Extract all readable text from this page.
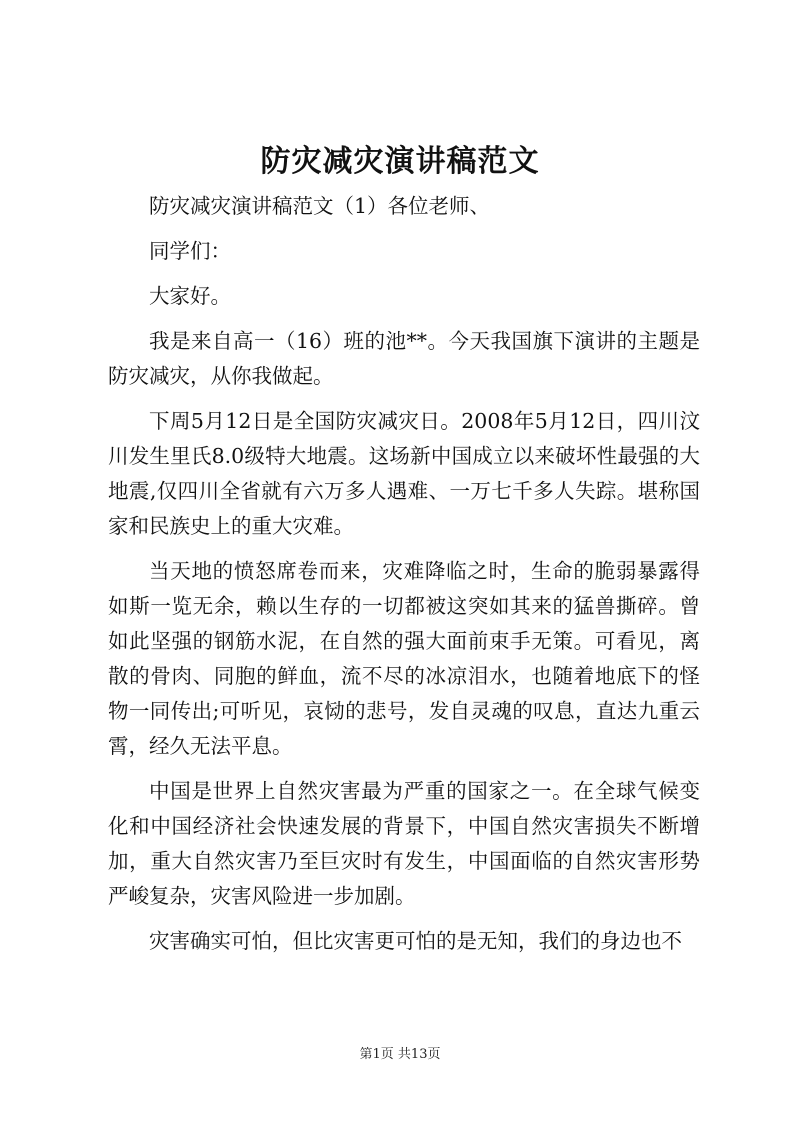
防灾减灾演讲稿范文

防灾减灾演讲稿范文（1）各位老师、

同学们：

大家好。

我是来自高一（16）班的池**。今天我国旗下演讲的主题是防灾减灾，从你我做起。

下周5月12日是全国防灾减灾日。2008年5月12日，四川汶川发生里氏8.0级特大地震。这场新中国成立以来破坏性最强的大地震,仅四川全省就有六万多人遇难、一万七千多人失踪。堪称国家和民族史上的重大灾难。

当天地的愤怒席卷而来，灾难降临之时，生命的脆弱暴露得如斯一览无余，赖以生存的一切都被这突如其来的猛兽撕碎。曾如此坚强的钢筋水泥，在自然的强大面前束手无策。可看见，离散的骨肉、同胞的鲜血，流不尽的冰凉泪水，也随着地底下的怪物一同传出;可听见，哀恸的悲号，发自灵魂的叹息，直达九重云霄，经久无法平息。

中国是世界上自然灾害最为严重的国家之一。在全球气候变化和中国经济社会快速发展的背景下，中国自然灾害损失不断增加，重大自然灾害乃至巨灾时有发生，中国面临的自然灾害形势严峻复杂，灾害风险进一步加剧。

灾害确实可怕，但比灾害更可怕的是无知，我们的身边也不

第1页 共13页
